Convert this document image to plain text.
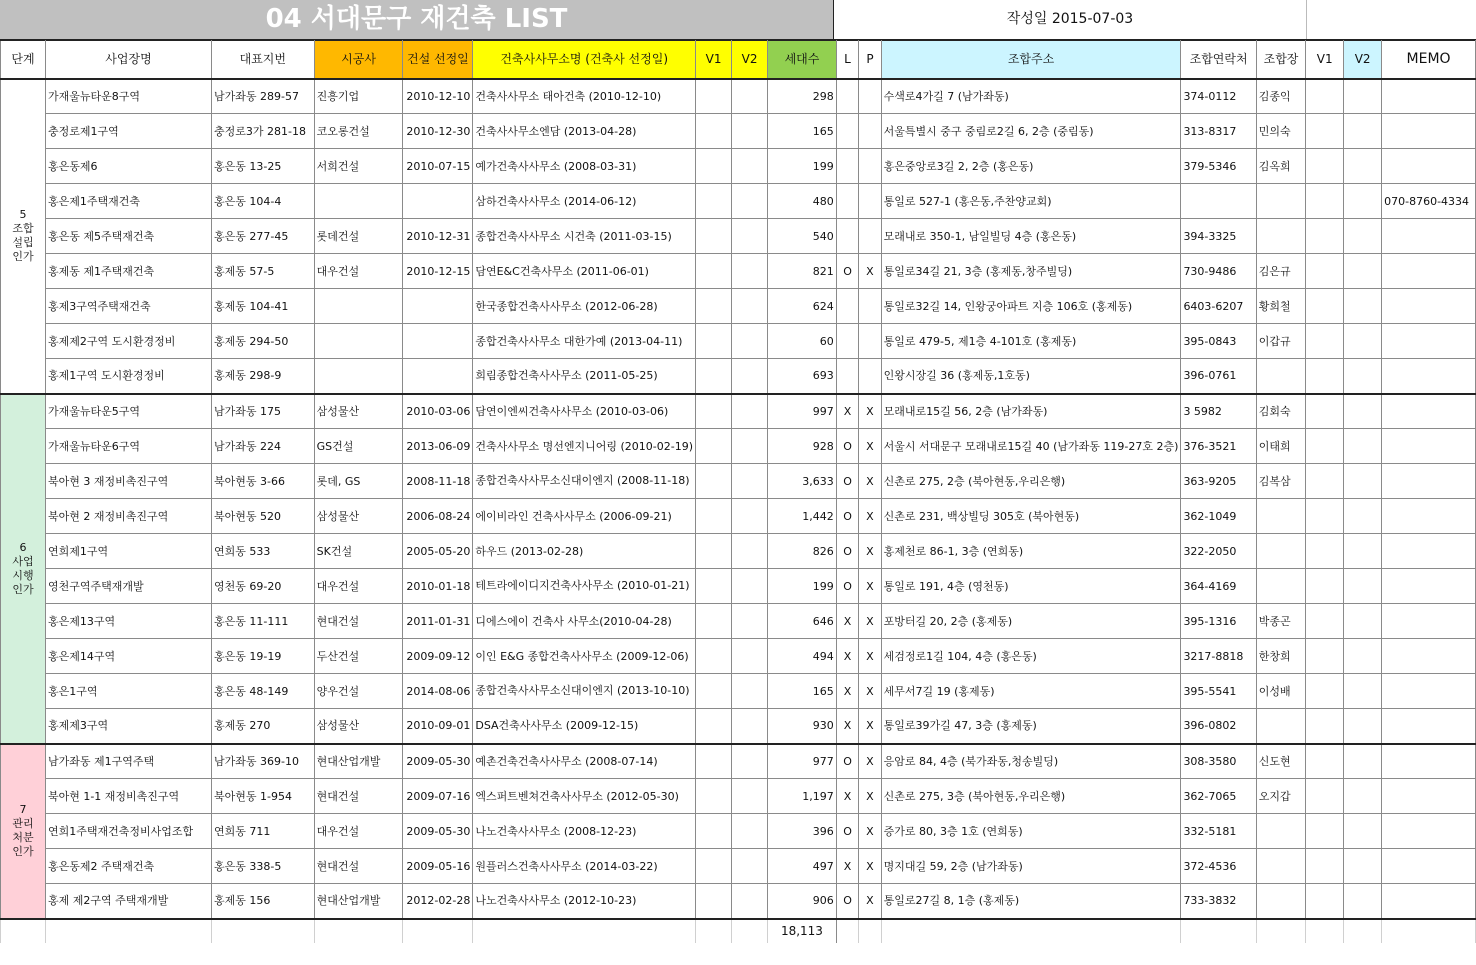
04 서대문구 재건축 LIST	작성일 2015-07-03
단계	사업장명	대표지번	시공사	건설 선정일	건축사사무소명 (건축사 선정일)	V1	V2	세대수	L	P	조합주소	조합연락처	조합장	V1	V2	MEMO
5
조합
설립
인가	가재울뉴타운8구역	남가좌동 289-57	진흥기업	2010-12-10	건축사사무소 태아건축 (2010-12-10)			298			수색로4가길 7 (남가좌동)	374-0112	김종익			
	충정로제1구역	충정로3가 281-18	코오롱건설	2010-12-30	건축사사무소엔담 (2013-04-28)			165			서울특별시 중구 중림로2길 6, 2층 (중림동)	313-8317	민의숙			
	홍은동제6	홍은동 13-25	서희건설	2010-07-15	예가건축사사무소 (2008-03-31)			199			홍은중앙로3길 2, 2층 (홍은동)	379-5346	김옥희			
	홍은제1주택재건축	홍은동 104-4			삼하건축사사무소 (2014-06-12)			480			통일로 527-1 (홍은동,주찬양교회)					070-8760-4334
	홍은동 제5주택재건축	홍은동 277-45	롯데건설	2010-12-31	종합건축사사무소 시건축 (2011-03-15)			540			모래내로 350-1, 남일빌딩 4층 (홍은동)	394-3325				
	홍제동 제1주택재건축	홍제동 57-5	대우건설	2010-12-15	담연E&C건축사무소 (2011-06-01)			821	O	X	통일로34길 21, 3층 (홍제동,창주빌딩)	730-9486	김은규			
	홍제3구역주택재건축	홍제동 104-41			한국종합건축사사무소 (2012-06-28)			624			통일로32길 14, 인왕궁아파트 지층 106호 (홍제동)	6403-6207	황희철			
	홍제제2구역 도시환경정비	홍제동 294-50			종합건축사사무소 대한가예 (2013-04-11)			60			통일로 479-5, 제1층 4-101호 (홍제동)	395-0843	이갑규			
	홍제1구역 도시환경정비	홍제동 298-9			희림종합건축사사무소 (2011-05-25)			693			인왕시장길 36 (홍제동,1호동)	396-0761				
6
사업
시행
인가	가재울뉴타운5구역	남가좌동 175	삼성물산	2010-03-06	담연이엔씨건축사사무소 (2010-03-06)			997	X	X	모래내로15길 56, 2층 (남가좌동)	3 5982	김회숙			
	가재울뉴타운6구역	남가좌동 224	GS건설	2013-06-09	건축사사무소 명선엔지니어링 (2010-02-19)			928	O	X	서울시 서대문구 모래내로15길 40 (남가좌동 119-27호 2층)	376-3521	이태희			
	북아현 3 재정비촉진구역	북아현동 3-66	롯데, GS	2008-11-18	종합건축사사무소신대이엔지 (2008-11-18)			3,633	O	X	신촌로 275, 2층 (북아현동,우리은행)	363-9205	김복삼			
	북아현 2 재정비촉진구역	북아현동 520	삼성물산	2006-08-24	에이비라인 건축사사무소 (2006-09-21)			1,442	O	X	신촌로 231, 백상빌딩 305호 (북아현동)	362-1049				
	연희제1구역	연희동 533	SK건설	2005-05-20	하우드 (2013-02-28)			826	O	X	홍제천로 86-1, 3층 (연희동)	322-2050				
	영천구역주택재개발	영천동 69-20	대우건설	2010-01-18	테트라에이디지건축사사무소 (2010-01-21)			199	O	X	통일로 191, 4층 (영천동)	364-4169				
	홍은제13구역	홍은동 11-111	현대건설	2011-01-31	디에스에이 건축사 사무소(2010-04-28)			646	X	X	포방터길 20, 2층 (홍제동)	395-1316	박종곤			
	홍은제14구역	홍은동 19-19	두산건설	2009-09-12	이인 E&G 종합건축사사무소 (2009-12-06)			494	X	X	세검정로1길 104, 4층 (홍은동)	3217-8818	한창희			
	홍은1구역	홍은동 48-149	양우건설	2014-08-06	종합건축사사무소신대이엔지 (2013-10-10)			165	X	X	세무서7길 19 (홍제동)	395-5541	이성배			
	홍제제3구역	홍제동 270	삼성물산	2010-09-01	DSA건축사사무소 (2009-12-15)			930	X	X	통일로39가길 47, 3층 (홍제동)	396-0802				
7
관리
처분
인가	남가좌동 제1구역주택	남가좌동 369-10	현대산업개발	2009-05-30	예촌건축건축사사무소 (2008-07-14)			977	O	X	응암로 84, 4층 (북가좌동,청송빌딩)	308-3580	신도현			
	북아현 1-1 재정비촉진구역	북아현동 1-954	현대건설	2009-07-16	엑스퍼트벤쳐건축사사무소 (2012-05-30)			1,197	X	X	신촌로 275, 3층 (북아현동,우리은행)	362-7065	오지갑			
	연희1주택재건축정비사업조합	연희동 711	대우건설	2009-05-30	나노건축사사무소 (2008-12-23)			396	O	X	증가로 80, 3층 1호 (연희동)	332-5181				
	홍은동제2 주택재건축	홍은동 338-5	현대건설	2009-05-16	원플러스건축사사무소 (2014-03-22)			497	X	X	명지대길 59, 2층 (남가좌동)	372-4536				
	홍제 제2구역 주택재개발	홍제동 156	현대산업개발	2012-02-28	나노건축사사무소 (2012-10-23)			906	O	X	통일로27길 8, 1층 (홍제동)	733-3832				
								18,113								
